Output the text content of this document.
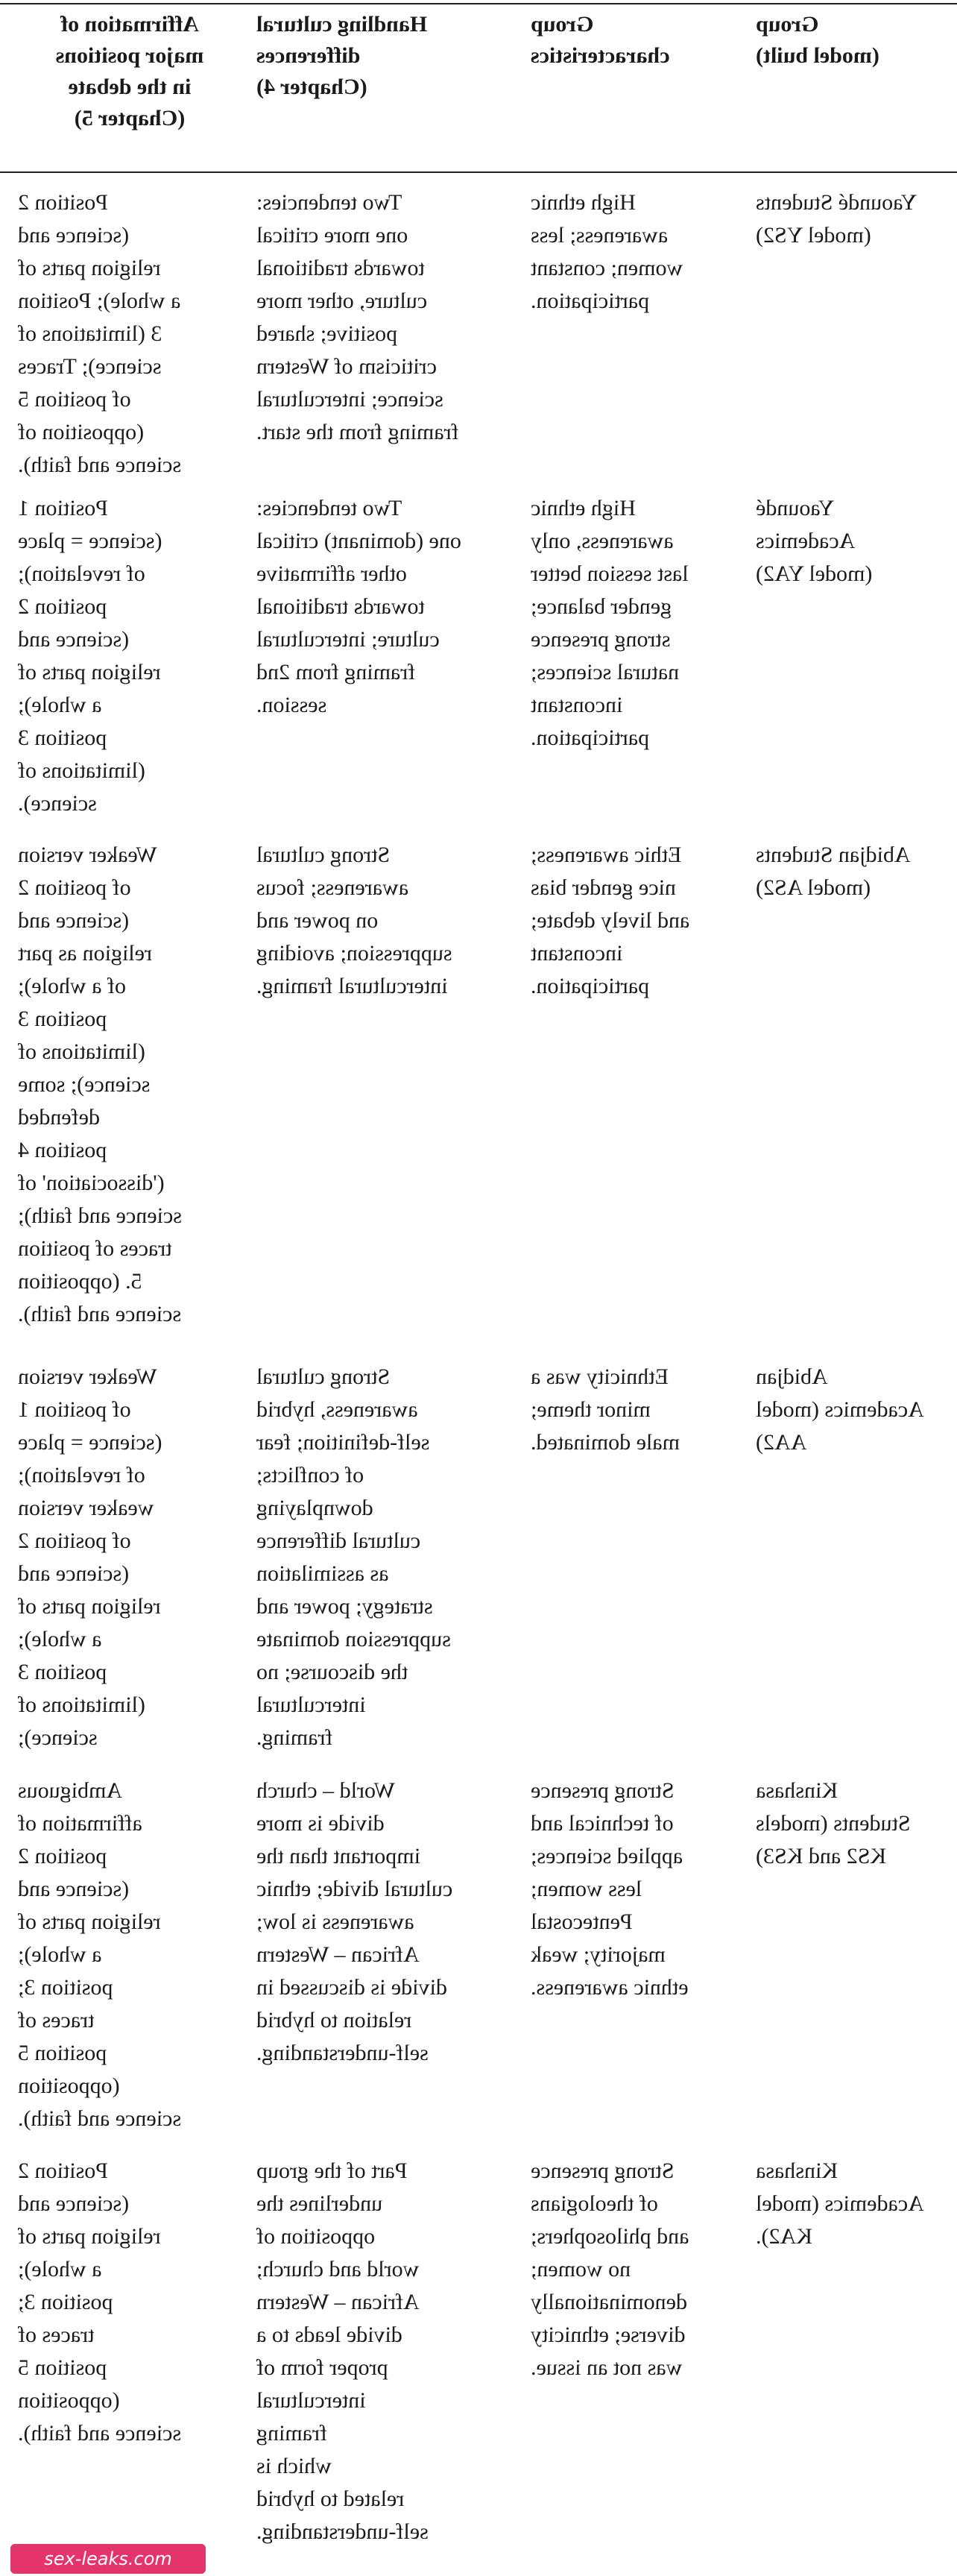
Group
(model built)
Group
characteristics
Handling cultural
differences
(Chapter 4)
Affirmation of
major positions
in the debate
(Chapter 5)
Yaoundé Students
(model YS2)
High ethnic
awareness; less
women; constant
participation.
Two tendencies:
one more critical
towards traditional
culture, other more
positive; shared
criticism of Western
science; intercultural
framing from the start.
Position 2
(science and
religion parts of
a whole); Position
3 (limitations of
science); Traces
of position 5
(opposition of
science and faith).
Yaoundé
Academics
(model YA2)
High ethnic
awareness, only
last session better
gender balance;
strong presence
natural sciences;
inconstant
participation.
Two tendencies:
one (dominant) critical
other affirmative
towards traditional
culture; intercultural
framing from 2nd
session.
Position 1
(science = place
of revelation);
position 2
(science and
religion parts of
a whole);
position 3
(limitations of
science).
Abidjan Students
(model AS2)
Ethic awareness;
nice gender bias
and lively debate;
inconstant
participation.
Strong cultural
awareness; focus
on power and
suppression; avoiding
intercultural framing.
Weaker version
of position 2
(science and
religion as part
of a whole);
position 3
(limitations of
science); some
defended
position 4
('dissociation' of
science and faith);
traces of position
5. (opposition
science and faith).
Abidjan
Academics (model
AA2)
Ethnicity was a
minor theme;
male dominated.
Strong cultural
awareness, hybrid
self-definition; fear
of conflicts;
downplaying
cultural difference
as assimilation
strategy; power and
suppression dominate
the discourse; no
intercultural
framing.
Weaker version
of position 1
(science = place
of revelation);
weaker version
of position 2
(science and
religion parts of
a whole);
position 3
(limitations of
science);
Kinshasa
Students (models
KS2 and KS3)
Strong presence
of technical and
applied sciences;
less women;
Pentecostal
majority; weak
ethnic awareness.
World – church
divide is more
important than the
cultural divide; ethnic
awareness is low;
African – Western
divide is discussed in
relation to hybrid
self-understanding.
Ambiguous
affirmation of
position 2
(science and
religion parts of
a whole);
position 3;
traces of
position 5
(opposition
science and faith).
Kinshasa
Academics (model
KA2).
Strong presence
of theologians
and philosophers;
no women;
denominationally
diverse; ethnicity
was not an issue.
Part of the group
underlines the
opposition of
world and church;
African – Western
divide leads to a
proper form of
intercultural
framing
which is
related to hybrid
self-understanding.
Position 2
(science and
religion parts of
a whole);
position 3;
traces of
position 5
(opposition
science and faith).
sex-leaks.com
